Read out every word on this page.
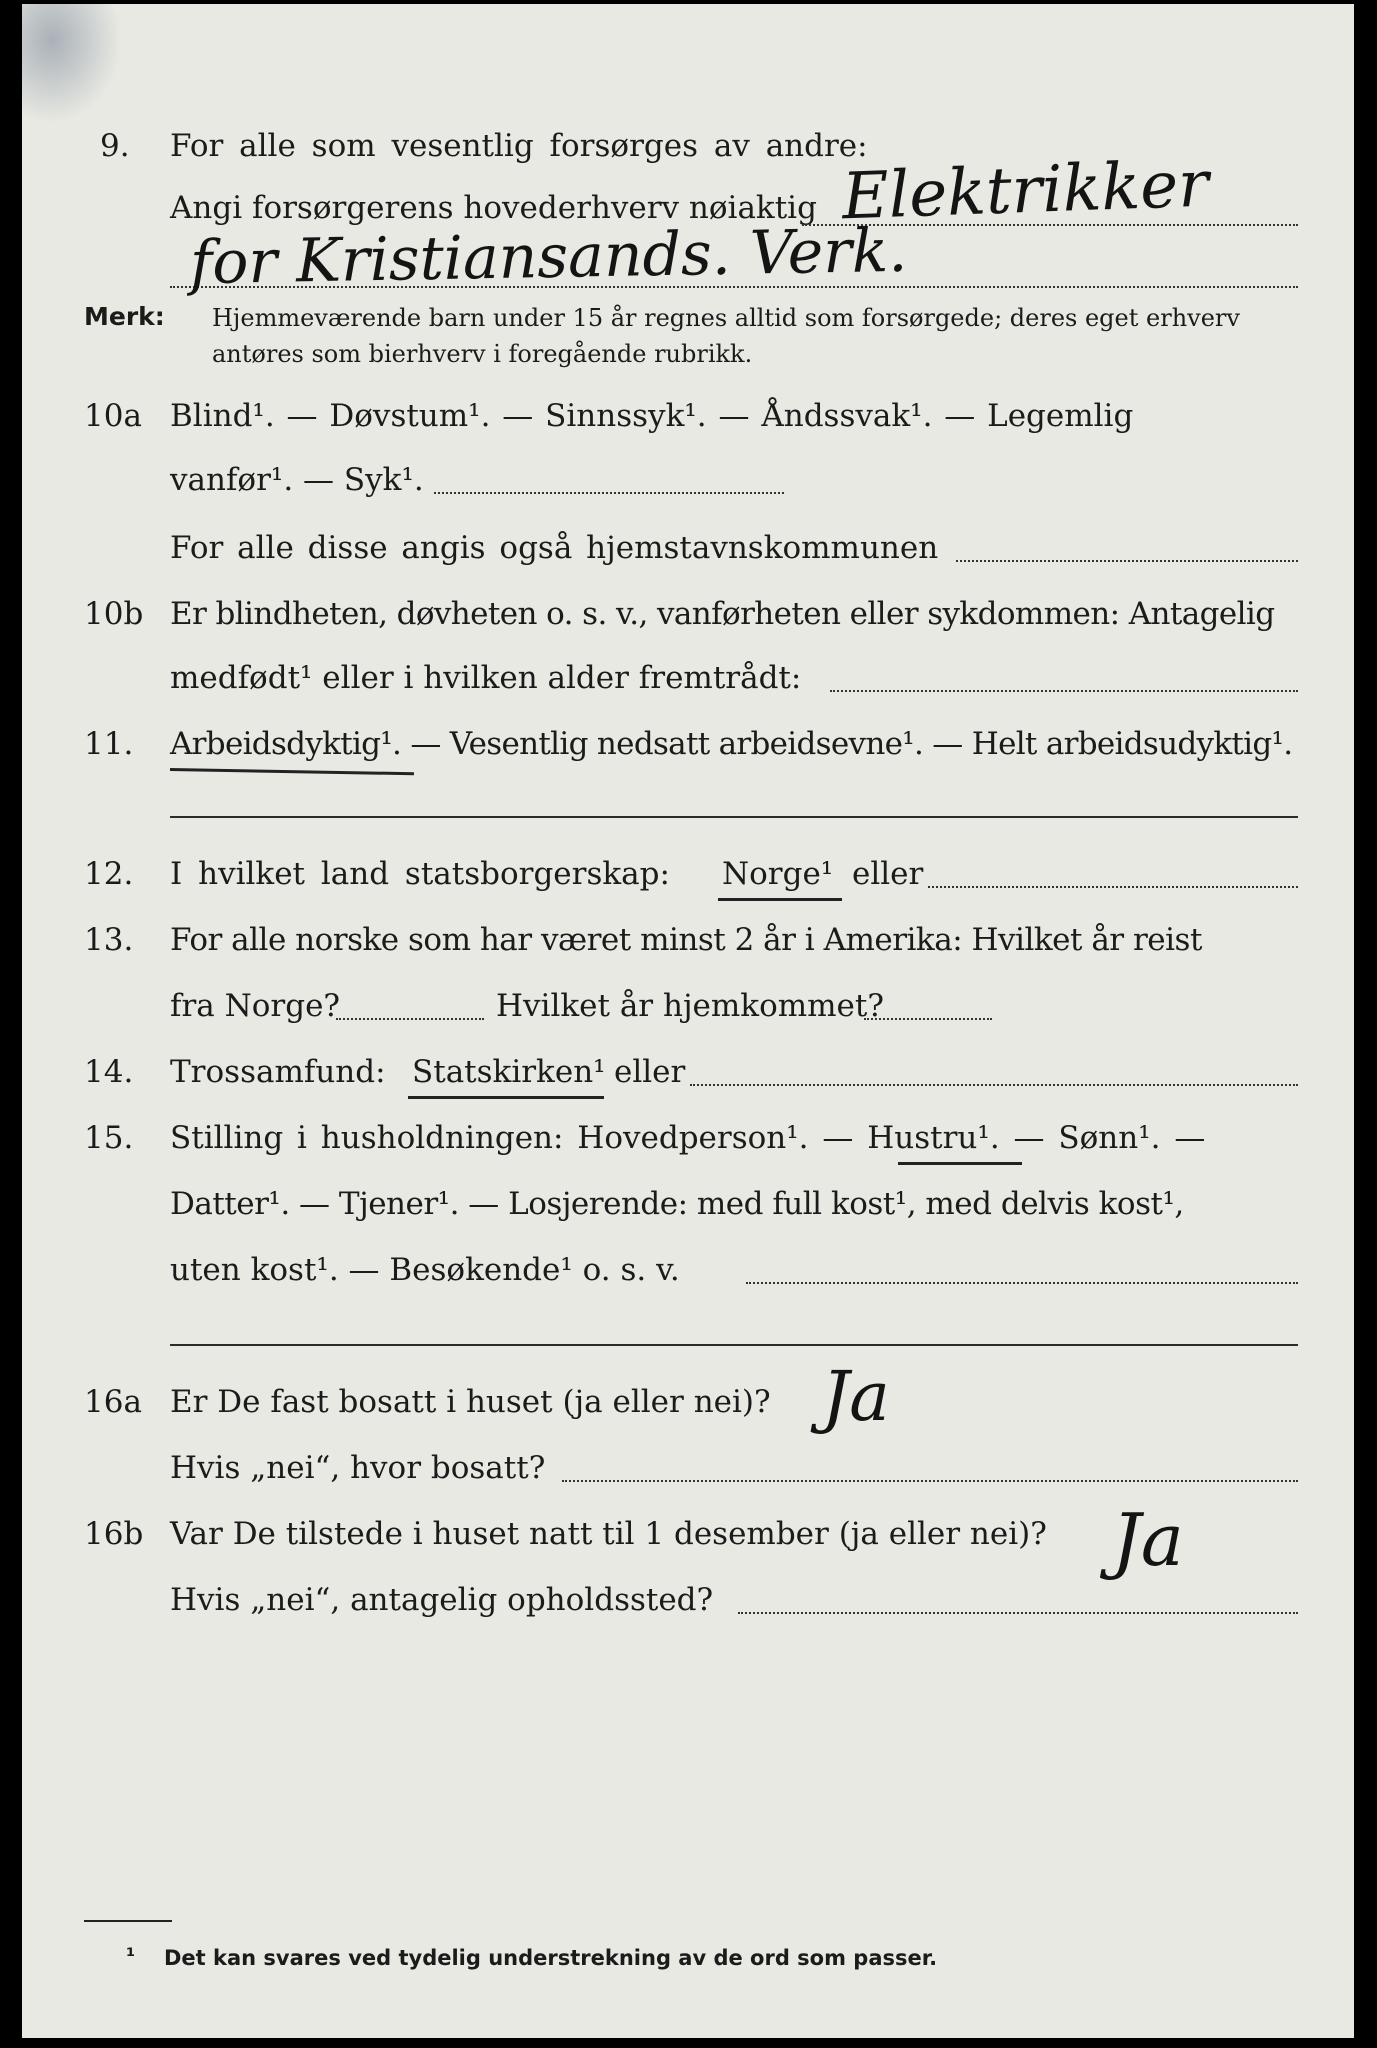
9. For alle som vesentlig forsørges av andre:
Angi forsørgerens hovederhverv nøiaktig Elektrikker
for Kristiansands. Verk.
Merk: Hjemmeværende barn under 15 år regnes alltid som forsørgede; deres eget erhverv
antøres som bierhverv i foregående rubrikk.
10a Blind¹. — Døvstum¹. — Sinnssyk¹. — Åndssvak¹. — Legemlig
vanfør¹. — Syk¹.
For alle disse angis også hjemstavnskommunen
10b Er blindheten, døvheten o. s. v., vanførheten eller sykdommen: Antagelig
medfødt¹ eller i hvilken alder fremtrådt:
11. Arbeidsdyktig¹. — Vesentlig nedsatt arbeidsevne¹. — Helt arbeidsudyktig¹.
12. I hvilket land statsborgerskap: Norge¹ eller
13. For alle norske som har været minst 2 år i Amerika: Hvilket år reist
fra Norge?	Hvilket år hjemkommet?
14. Trossamfund: Statskirken¹ eller
15. Stilling i husholdningen: Hovedperson¹. — Hustru¹. — Sønn¹. —
Datter¹. — Tjener¹. — Losjerende: med full kost¹, med delvis kost¹,
uten kost¹. — Besøkende¹ o. s. v.
16a Er De fast bosatt i huset (ja eller nei)? Ja
Hvis „nei“, hvor bosatt?
16b Var De tilstede i huset natt til 1 desember (ja eller nei)? Ja
Hvis „nei“, antagelig opholdssted?
¹ Det kan svares ved tydelig understrekning av de ord som passer.
